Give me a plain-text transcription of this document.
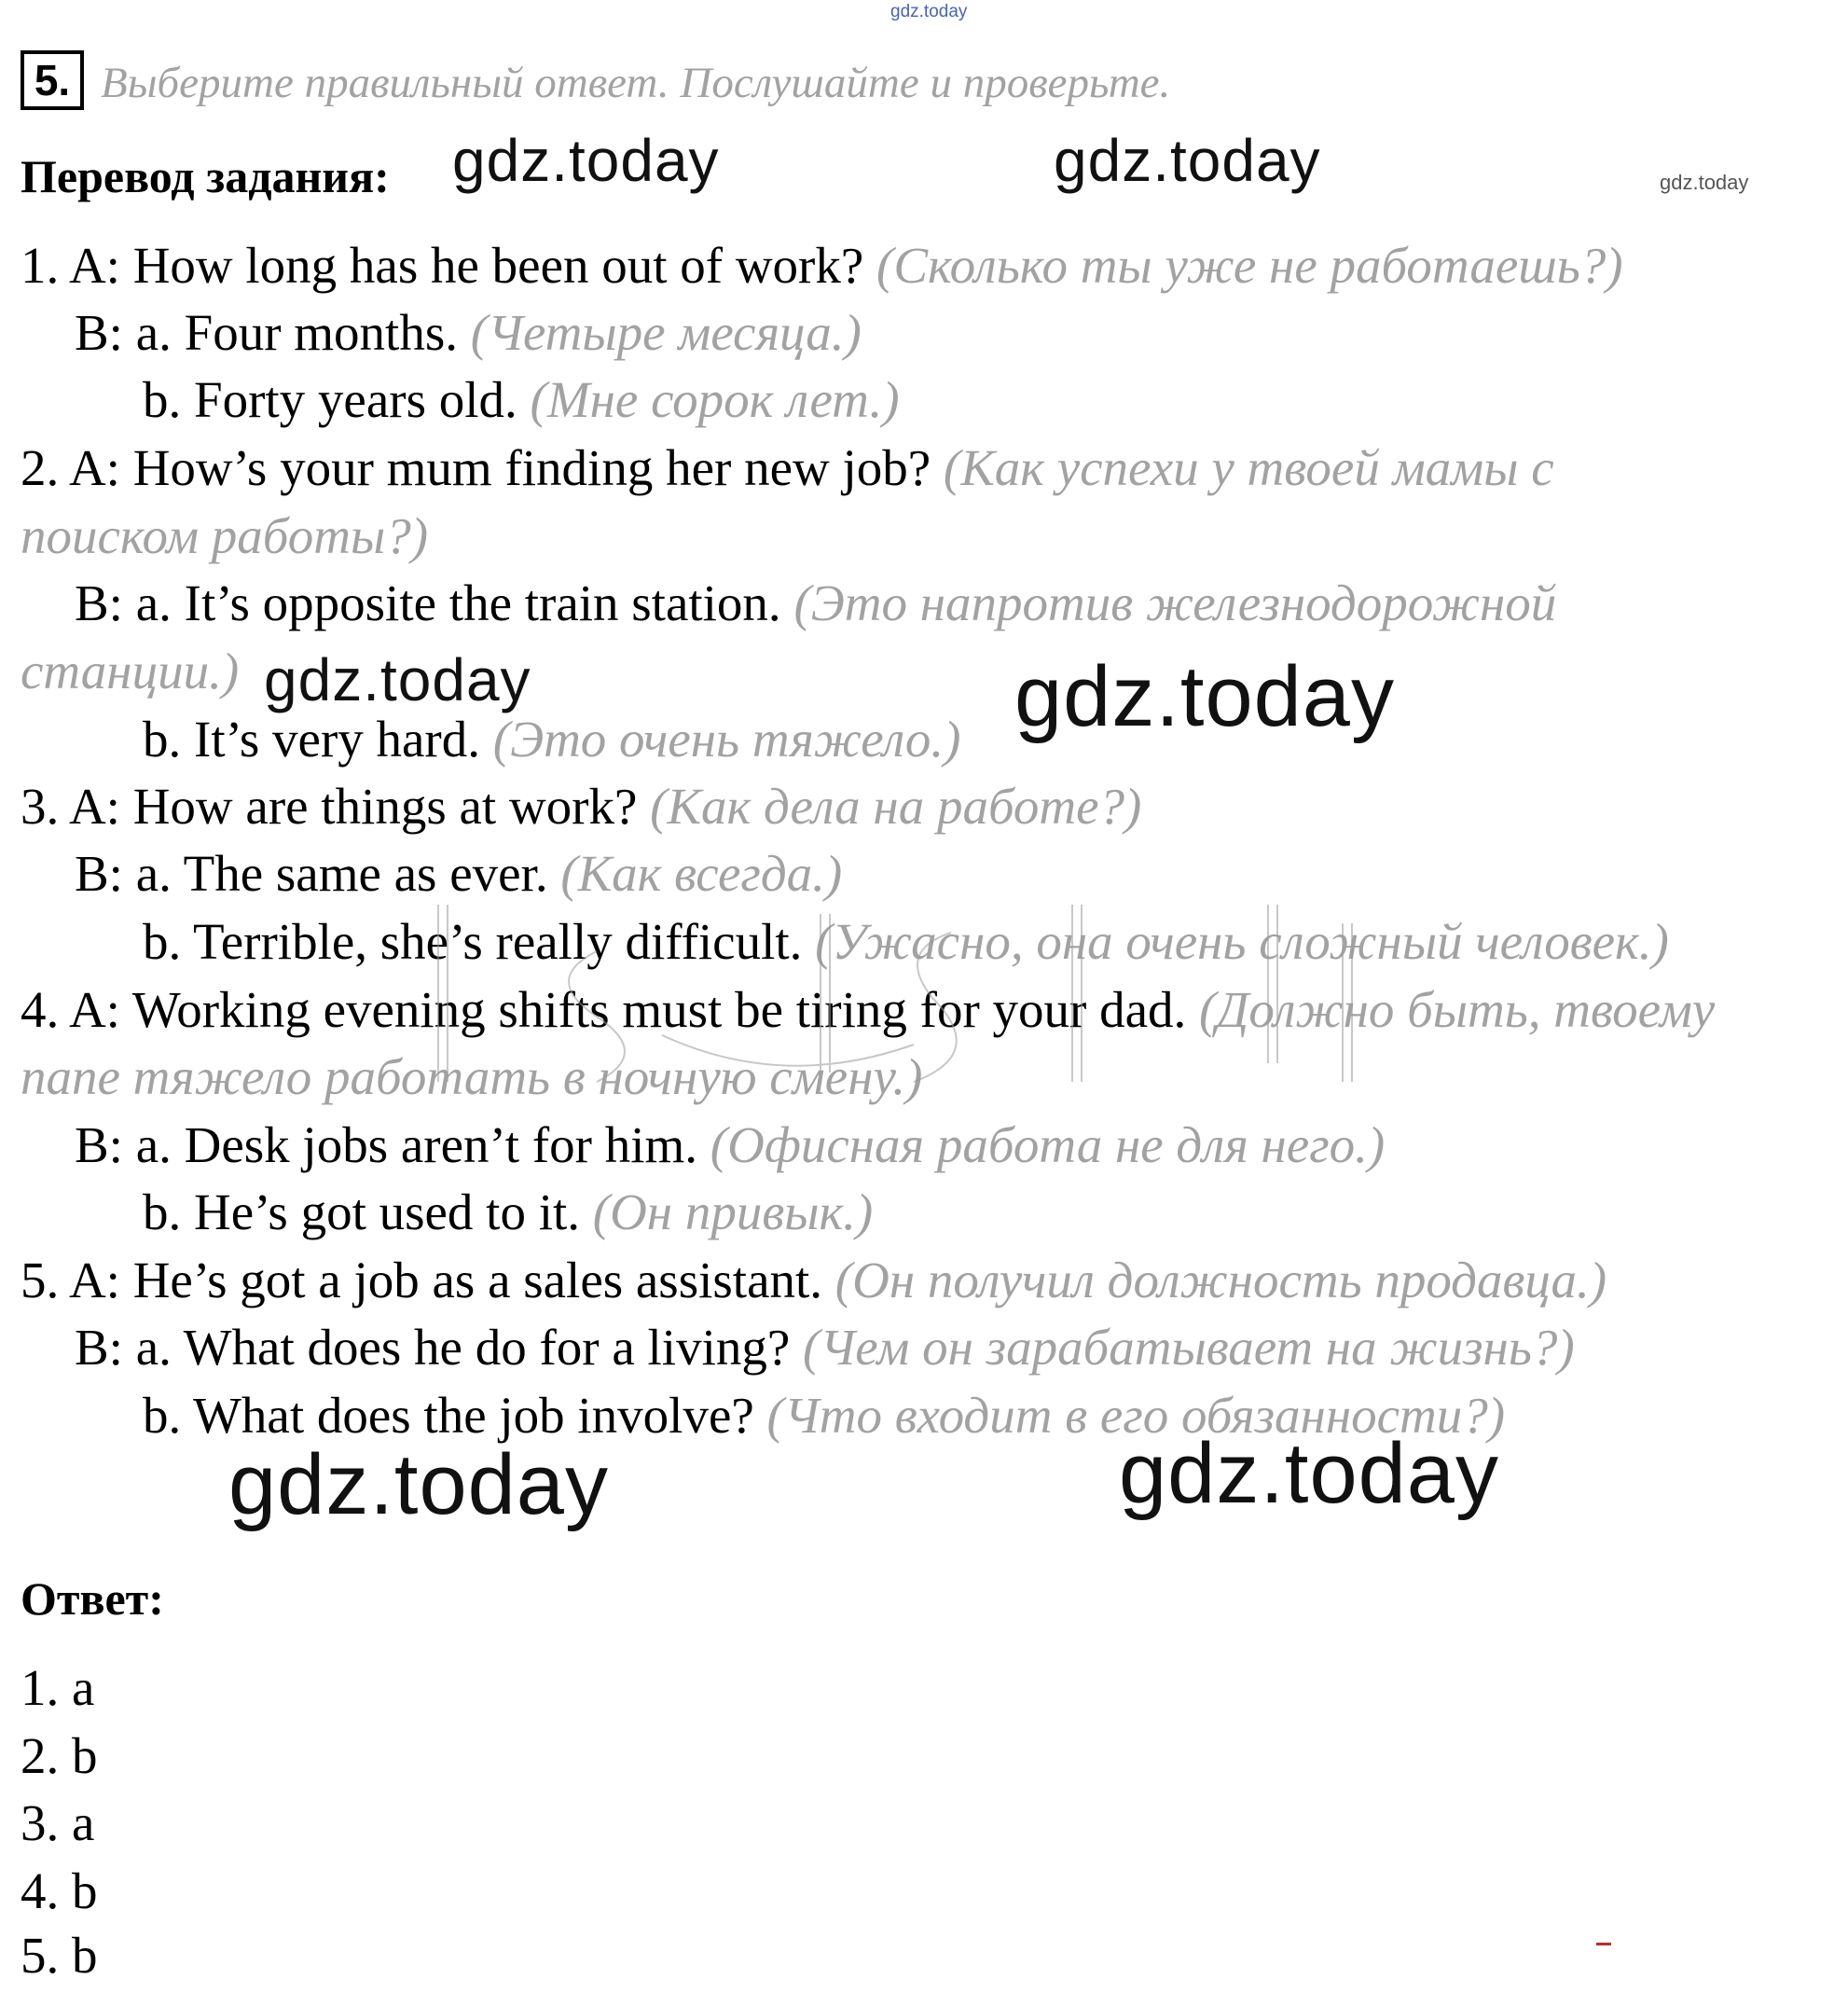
gdz.today
5. Выберите правильный ответ. Послушайте и проверьте.
Перевод задания: gdz.today	gdz.today	gdz.today
1. A: How long has he been out of work? (Сколько ты уже не работаешь?)
B: a. Four months. (Четыре месяца.)
b. Forty years old. (Мне сорок лет.)
2. A: How’s your mum finding her new job? (Как успехи у твоей мамы с
поиском работы?)
B: a. It’s opposite the train station. (Это напротив железнодорожной
станции.) gdz.today	gdz.today
b. It’s very hard. (Это очень тяжело.)
3. A: How are things at work? (Как дела на работе?)
B: a. The same as ever. (Как всегда.)
b. Terrible, she’s really difficult. (Ужасно, она очень сложный человек.)
4. A: Working evening shifts must be tiring for your dad. (Должно быть, твоему
папе тяжело работать в ночную смену.)
B: a. Desk jobs aren’t for him. (Офисная работа не для него.)
b. He’s got used to it. (Он привык.)
5. A: He’s got a job as a sales assistant. (Он получил должность продавца.)
B: a. What does he do for a living? (Чем он зарабатывает на жизнь?)
b. What does the job involve? (Что входит в его обязанности?)
gdz.today	gdz.today
Ответ:
1. a
2. b
3. a
4. b
5. b
